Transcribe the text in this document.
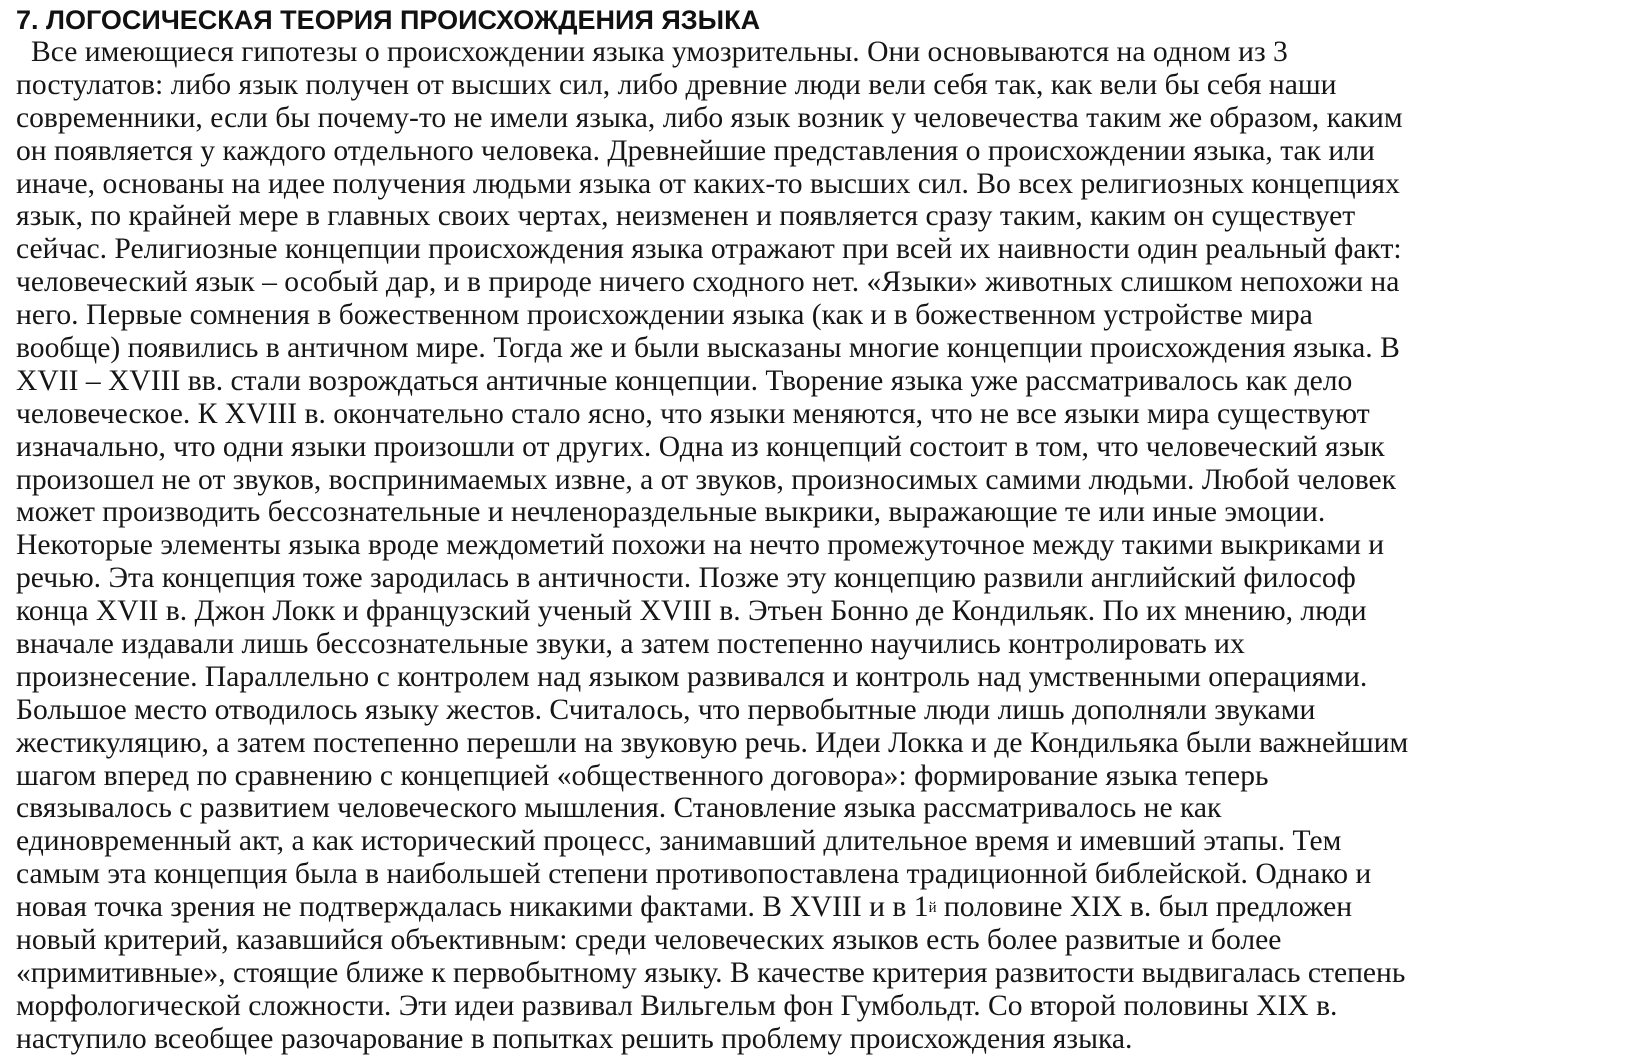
7. ЛОГОСИЧЕСКАЯ ТЕОРИЯ ПРОИСХОЖДЕНИЯ ЯЗЫКА
Все имеющиеся гипотезы о происхождении языка умозрительны. Они основываются на одном из 3
постулатов: либо язык получен от высших сил, либо древние люди вели себя так, как вели бы себя наши
современники, если бы почему-то не имели языка, либо язык возник у человечества таким же образом, каким
он появляется у каждого отдельного человека. Древнейшие представления о происхождении языка, так или
иначе, основаны на идее получения людьми языка от каких-то высших сил. Во всех религиозных концепциях
язык, по крайней мере в главных своих чертах, неизменен и появляется сразу таким, каким он существует
сейчас. Религиозные концепции происхождения языка отражают при всей их наивности один реальный факт:
человеческий язык – особый дар, и в природе ничего сходного нет. «Языки» животных слишком непохожи на
него. Первые сомнения в божественном происхождении языка (как и в божественном устройстве мира
вообще) появились в античном мире. Тогда же и были высказаны многие концепции происхождения языка. В
XVII – XVIII вв. стали возрождаться античные концепции. Творение языка уже рассматривалось как дело
человеческое. К XVIII в. окончательно стало ясно, что языки меняются, что не все языки мира существуют
изначально, что одни языки произошли от других. Одна из концепций состоит в том, что человеческий язык
произошел не от звуков, воспринимаемых извне, а от звуков, произносимых самими людьми. Любой человек
может производить бессознательные и нечленораздельные выкрики, выражающие те или иные эмоции.
Некоторые элементы языка вроде междометий похожи на нечто промежуточное между такими выкриками и
речью. Эта концепция тоже зародилась в античности. Позже эту концепцию развили английский философ
конца XVII в. Джон Локк и французский ученый XVIII в. Этьен Бонно де Кондильяк. По их мнению, люди
вначале издавали лишь бессознательные звуки, а затем постепенно научились контролировать их
произнесение. Параллельно с контролем над языком развивался и контроль над умственными операциями.
Большое место отводилось языку жестов. Считалось, что первобытные люди лишь дополняли звуками
жестикуляцию, а затем постепенно перешли на звуковую речь. Идеи Локка и де Кондильяка были важнейшим
шагом вперед по сравнению с концепцией «общественного договора»: формирование языка теперь
связывалось с развитием человеческого мышления. Становление языка рассматривалось не как
единовременный акт, а как исторический процесс, занимавший длительное время и имевший этапы. Тем
самым эта концепция была в наибольшей степени противопоставлена традиционной библейской. Однако и
новая точка зрения не подтверждалась никакими фактами. В XVIII и в $1^й$ половине XIX в. был предложен
новый критерий, казавшийся объективным: среди человеческих языков есть более развитые и более
«примитивные», стоящие ближе к первобытному языку. В качестве критерия развитости выдвигалась степень
морфологической сложности. Эти идеи развивал Вильгельм фон Гумбольдт. Со второй половины XIX в.
наступило всеобщее разочарование в попытках решить проблему происхождения языка.
